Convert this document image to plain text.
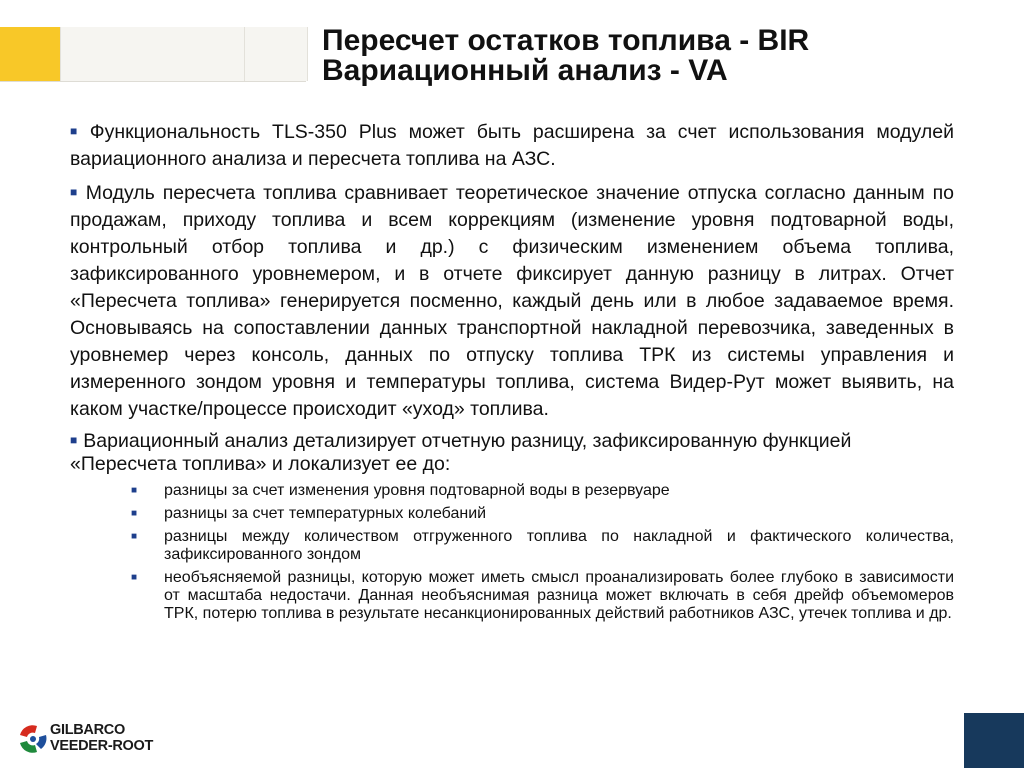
Пересчет остатков топлива - BIR
Вариационный анализ - VA

■ Функциональность TLS-350 Plus может быть расширена за счет использования модулей вариационного анализа и пересчета топлива на АЗС.

■ Модуль пересчета топлива сравнивает теоретическое значение отпуска согласно данным по продажам, приходу топлива и всем коррекциям (изменение уровня подтоварной воды, контрольный отбор топлива и др.) с физическим изменением объема топлива, зафиксированного уровнемером, и в отчете фиксирует данную разницу в литрах. Отчет «Пересчета топлива» генерируется посменно, каждый день или в любое задаваемое время. Основываясь на сопоставлении данных транспортной накладной перевозчика, заведенных в уровнемер через консоль, данных по отпуску топлива ТРК из системы управления и измеренного зондом уровня и температуры топлива, система Видер-Рут может выявить, на каком участке/процессе происходит «уход» топлива.

■ Вариационный анализ детализирует отчетную разницу, зафиксированную функцией «Пересчета топлива» и локализует ее до:

■ разницы за счет изменения уровня подтоварной воды в резервуаре
■ разницы за счет температурных колебаний
■ разницы между количеством отгруженного топлива по накладной и фактического количества, зафиксированного зондом
■ необъясняемой разницы, которую может иметь смысл проанализировать более глубоко в зависимости от масштаба недостачи. Данная необъяснимая разница может включать в себя дрейф объемомеров ТРК, потерю топлива в результате несанкционированных действий работников АЗС, утечек топлива и др.
GILBARCO
VEEDER-ROOT
